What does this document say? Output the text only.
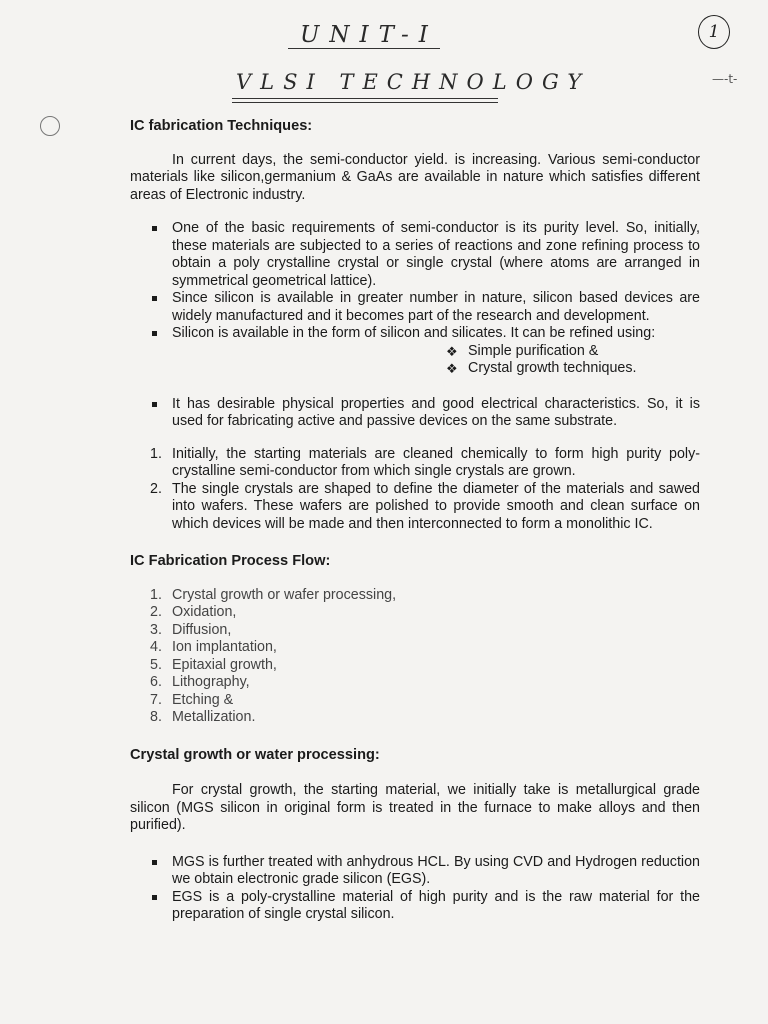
UNIT-I
VLSI TECHNOLOGY
1
—-t-
IC fabrication Techniques:

In current days, the semi-conductor yield. is increasing. Various semi-conductor materials like silicon,germanium & GaAs are available in nature which satisfies different areas of Electronic industry.

One of the basic requirements of semi-conductor is its purity level. So, initially, these materials are subjected to a series of reactions and zone refining process to obtain a poly crystalline crystal or single crystal (where atoms are arranged in symmetrical geometrical lattice).
Since silicon is available in greater number in nature, silicon based devices are widely manufactured and it becomes part of the research and development.
Silicon is available in the form of silicon and silicates. It can be refined using:
❖ Simple purification &
❖ Crystal growth techniques.
It has desirable physical properties and good electrical characteristics. So, it is used for fabricating active and passive devices on the same substrate.
1. Initially, the starting materials are cleaned chemically to form high purity poly-crystalline semi-conductor from which single crystals are grown.
2. The single crystals are shaped to define the diameter of the materials and sawed into wafers. These wafers are polished to provide smooth and clean surface on which devices will be made and then interconnected to form a monolithic IC.
IC Fabrication Process Flow:
1. Crystal growth or wafer processing,
2. Oxidation,
3. Diffusion,
4. Ion implantation,
5. Epitaxial growth,
6. Lithography,
7. Etching &
8. Metallization.
Crystal growth or water processing:

For crystal growth, the starting material, we initially take is metallurgical grade silicon (MGS silicon in original form is treated in the furnace to make alloys and then purified).

MGS is further treated with anhydrous HCL. By using CVD and Hydrogen reduction we obtain electronic grade silicon (EGS).
EGS is a poly-crystalline material of high purity and is the raw material for the preparation of single crystal silicon.
